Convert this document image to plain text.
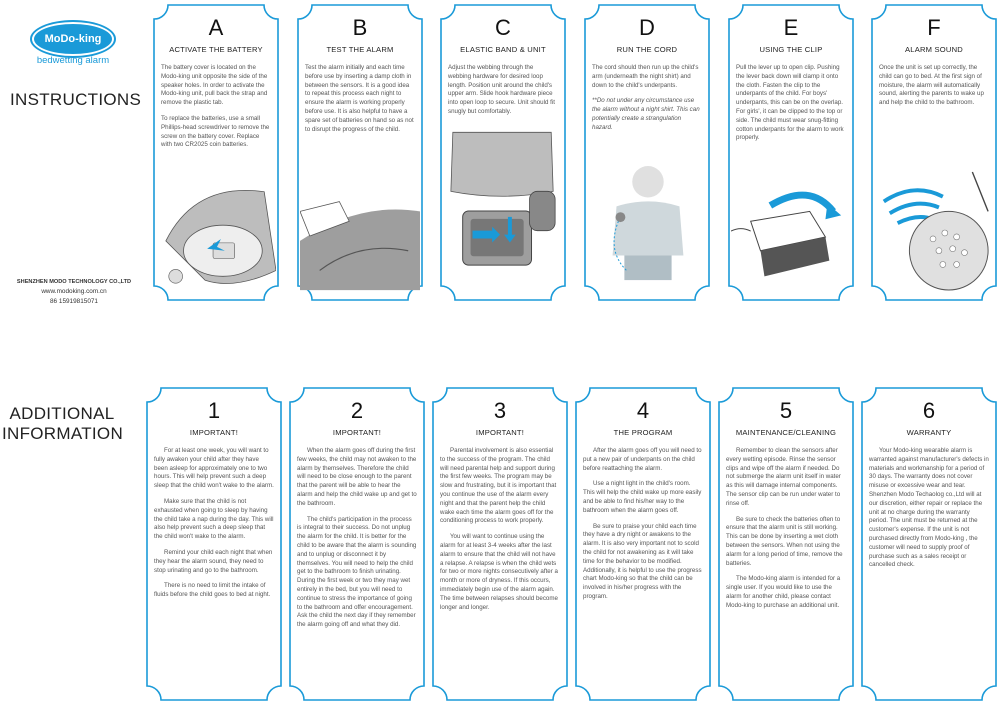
MoDo-king
bedwetting alarm
INSTRUCTIONS
SHENZHEN MODO TECHNOLOGY CO.,LTD
www.modoking.com.cn
86 15919815071
ADDITIONAL
INFORMATION
A
ACTIVATE THE BATTERY

The battery cover is located on the Modo-king unit opposite the side of the speaker holes. In order to activate the Modo-king unit, pull back the strap and remove the plastic tab.

To replace the batteries, use a small Phillips-head screwdriver to remove the screw on the battery cover. Replace with two CR2025 coin batteries.

B
TEST THE ALARM

Test the alarm initially and each time before use by inserting a damp cloth in between the sensors. It is a good idea to repeat this process each night to ensure the alarm is working properly before use. It is also helpful to have a spare set of batteries on hand so as not to disrupt the progress of the child.

C
ELASTIC BAND & UNIT

Adjust the webbing through the webbing hardware for desired loop length. Position unit around the child's upper arm. Slide hook hardware piece into open loop to secure. Unit should fit snugly but comfortably.

D
RUN THE CORD

The cord should then run up the child's arm (underneath the night shirt) and down to the child's underpants.

**Do not under any circumstance use the alarm without a night shirt. This can potentially create a strangulation hazard.

E
USING THE CLIP

Pull the lever up to open clip. Pushing the lever back down will clamp it onto the cloth. Fasten the clip to the underpants of the child. For boys' underpants, this can be on the overlap. For girls', it can be clipped to the top or side. The child must wear snug-fitting cotton underpants for the alarm to work properly.

F
ALARM SOUND

Once the unit is set up correctly, the child can go to bed. At the first sign of moisture, the alarm will automatically sound, alerting the parents to wake up and help the child to the bathroom.

1
IMPORTANT!

For at least one week, you will want to fully awaken your child after they have been asleep for approximately one to two hours. This will help prevent such a deep sleep that the child won't wake to the alarm.

Make sure that the child is not exhausted when going to sleep by having the child take a nap during the day. This will also help prevent such a deep sleep that the child won't wake to the alarm.

Remind your child each night that when they hear the alarm sound, they need to stop urinating and go to the bathroom.

There is no need to limit the intake of fluids before the child goes to bed at night.

2
IMPORTANT!

When the alarm goes off during the first few weeks, the child may not awaken to the alarm by themselves. Therefore the child will need to be close enough to the parent that the parent will be able to hear the alarm and help the child wake up and get to the bathroom.

The child's participation in the process is integral to their success. Do not unplug the alarm for the child. It is better for the child to be aware that the alarm is sounding and to unplug or disconnect it by themselves. You will need to help the child get to the bathroom to finish urinating. During the first week or two they may wet entirely in the bed, but you will need to continue to stress the importance of going to the bathroom and offer encouragement. Ask the child the next day if they remember the alarm going off and what they did.

3
IMPORTANT!

Parental involvement is also essential to the success of the program. The child will need parental help and support during the first few weeks. The program may be slow and frustrating, but it is important that you continue the use of the alarm every night and that the parent help the child wake each time the alarm goes off for the conditioning process to work properly.

You will want to continue using the alarm for at least 3-4 weeks after the last alarm to ensure that the child will not have a relapse. A relapse is when the child wets for two or more nights consecutively after a month or more of dryness. If this occurs, immediately begin use of the alarm again. The time between relapses should become longer and longer.

4
THE PROGRAM

After the alarm goes off you will need to put a new pair of underpants on the child before reattaching the alarm.

Use a night light in the child's room. This will help the child wake up more easily and be able to find his/her way to the bathroom when the alarm goes off.

Be sure to praise your child each time they have a dry night or awakens to the alarm. It is also very important not to scold the child for not awakening as it will take time for the behavior to be modified. Additionally, it is helpful to use the progress chart Modo-king so that the child can be involved in his/her progress with the program.

5
MAINTENANCE/CLEANING

Remember to clean the sensors after every wetting episode. Rinse the sensor clips and wipe off the alarm if needed. Do not submerge the alarm unit itself in water as this will damage internal components. The sensor clip can be run under water to rinse off.

Be sure to check the batteries often to ensure that the alarm unit is still working. This can be done by inserting a wet cloth between the sensors. When not using the alarm for a long period of time, remove the batteries.

The Modo-king alarm is intended for a single user. If you would like to use the alarm for another child, please contact Modo-king to purchase an additional unit.

6
WARRANTY

Your Modo-king wearable alarm is warranted against manufacturer's defects in materials and workmanship for a period of 30 days. The warranty does not cover misuse or excessive wear and tear. Shenzhen Modo Techaolog co.,Ltd will at our discretion, either repair or replace the unit at no charge during the warranty period. The unit must be returned at the customer's expense. If the unit is not purchased directly from Modo-king , the customer will need to supply proof of purchase such as a sales receipt or cancelled check.
